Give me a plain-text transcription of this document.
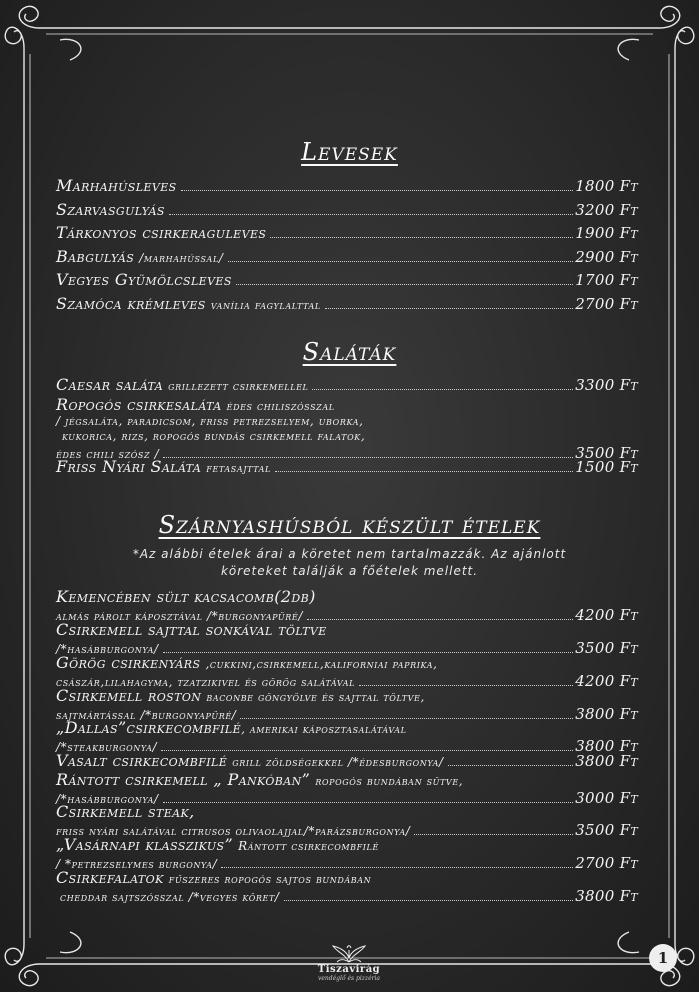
Levesek
Marhahúsleves	1800 Ft
Szarvasgulyás	3200 Ft
Tárkonyos csirkeraguleves	1900 Ft
Babgulyás
/marhahússal/	2900 Ft
Vegyes Gyümölcsleves	1700 Ft
Szamóca krémleves
vanília fagylalttal	2700 Ft
Saláták
Caesar saláta
grillezett csirkemellel	3300 Ft
Ropogós csirkesaláta
édes chiliszósszal
/ jégsaláta, paradicsom, friss petrezselyem, uborka,
kukorica, rizs, ropogós bundás csirkemell falatok,
édes chili szósz /	3500 Ft
Friss Nyári Saláta
fetasajttal	1500 Ft
Szárnyashúsból készült ételek
*Az alábbi ételek árai a köretet nem tartalmazzák. Az ajánlott
köreteket találják a főételek mellett.
Kemencében sült kacsacomb (2db)
almás párolt káposztával /*burgonyapüré/	4200 Ft
Csirkemell sajttal sonkával töltve
/*hasábburgonya/	3500 Ft
Görög csirkenyárs
,cukkini,csirkemell,kaliforniai paprika,
császár,lilahagyma, tzatzikivel és görög salátával	4200 Ft
Csirkemell roston
baconbe göngyölve és sajttal töltve,
sajtmártással /*burgonyapüré/	3800 Ft
„Dallas”csirkecombfilé , amerikai káposztasalátával
/*steakburgonya/	3800 Ft
Vasalt csirkecombfilé
grill zöldségekkel /*édesburgonya/	3800 Ft
Rántott csirkemell „ Pankóban”
ropogós bundában sütve,
/*hasábburgonya/	3000 Ft
Csirkemell steak,
friss nyári salátával citrusos olivaolajjal/*parázsburgonya/	3500 Ft
„Vasárnapi klasszikus”
Rántott csirkecombfilé
/ *petrezselymes burgonya/	2700 Ft
Csirkefalatok
fűszeres ropogós sajtos bundában
cheddar sajtszósszal /*vegyes köret/	3800 Ft
Tiszavirág
vendéglő és pizzéria
1
